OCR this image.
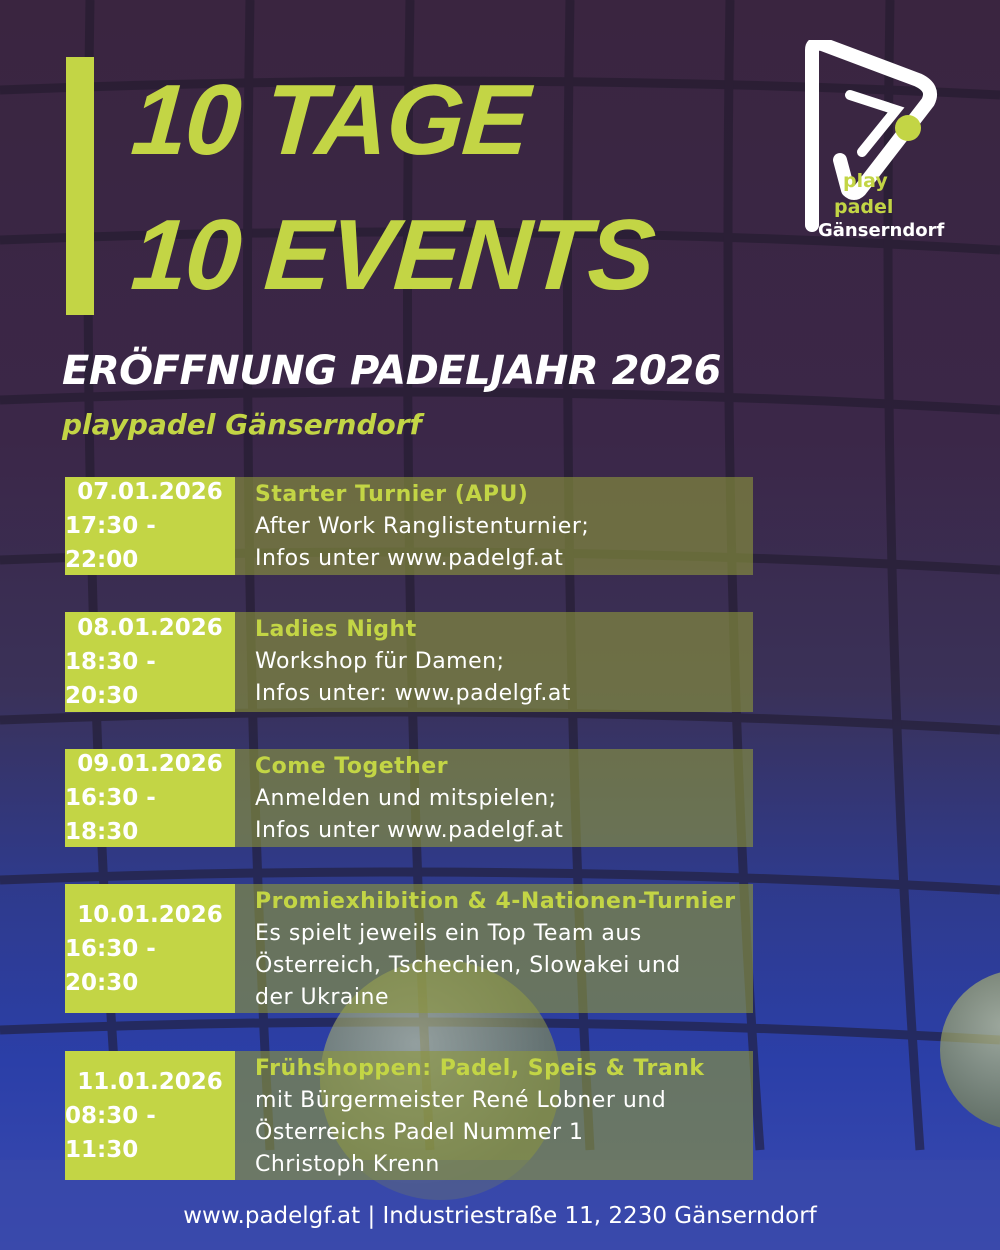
10 TAGE
10 EVENTS
play
padel
Gänserndorf
ERÖFFNUNG PADELJAHR 2026
playpadel Gänserndorf
07.01.2026
17:30 - 22:00
Starter Turnier (APU)
After Work Ranglistenturnier;
Infos unter www.padelgf.at
08.01.2026
18:30 - 20:30
Ladies Night
Workshop für Damen;
Infos unter: www.padelgf.at
09.01.2026
16:30 - 18:30
Come Together
Anmelden und mitspielen;
Infos unter www.padelgf.at
10.01.2026
16:30 - 20:30
Promiexhibition & 4-Nationen-Turnier
Es spielt jeweils ein Top Team aus
Österreich, Tschechien, Slowakei und
der Ukraine
11.01.2026
08:30 - 11:30
Frühshoppen: Padel, Speis & Trank
mit Bürgermeister René Lobner und
Österreichs Padel Nummer 1
Christoph Krenn
www.padelgf.at | Industriestraße 11, 2230 Gänserndorf
